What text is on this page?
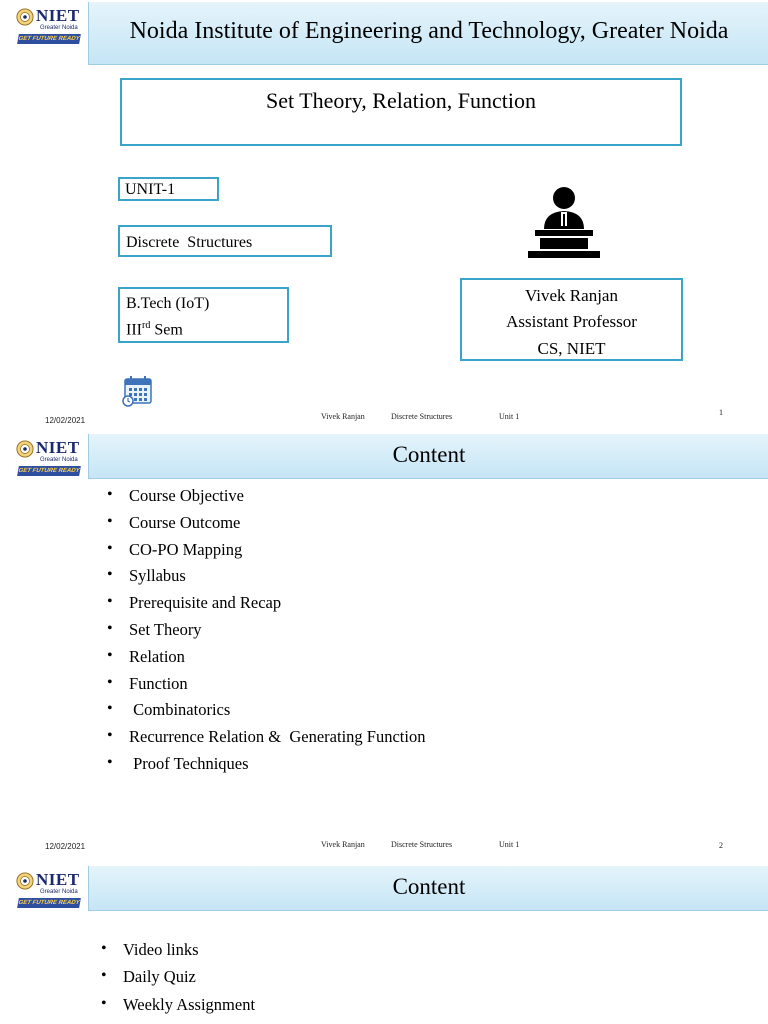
NIET
Greater Noida
GET FUTURE READY	Noida Institute of Engineering and Technology, Greater Noida
Set Theory, Relation, Function
UNIT-1
Discrete  Structures
B.Tech (IoT)
IIIrd Sem
Vivek Ranjan
Assistant Professor
CS, NIET
12/02/2021	Vivek Ranjan	Discrete Structures	Unit 1	1
NIET
Greater Noida
GET FUTURE READY
Content
• Course Objective
• Course Outcome
• CO-PO Mapping
• Syllabus
• Prerequisite and Recap
• Set Theory
• Relation
• Function
•  Combinatorics
• Recurrence Relation &  Generating Function
•  Proof Techniques
12/02/2021	Vivek Ranjan	Discrete Structures	Unit 1	2
NIET
Greater Noida
GET FUTURE READY
Content
• Video links
• Daily Quiz
• Weekly Assignment
